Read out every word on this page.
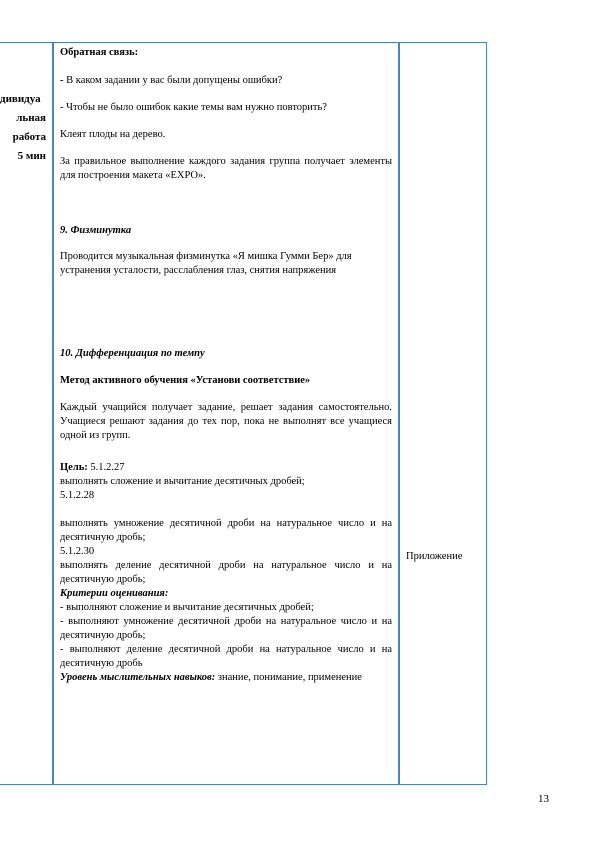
дивидуа
льная
работа
5 мин
Обратная связь:
- В каком задании у вас были допущены ошибки?
- Чтобы не было ошибок какие темы вам нужно повторить?
Клеят плоды на дерево.
За правильное выполнение каждого задания группа получает элементы для построения макета «EXPO».
9. Физминутка
Проводится музыкальная физминутка «Я мишка Гумми Бер» для устранения усталости, расслабления глаз, снятия напряжения
10. Дифференциация по темпу
Метод активного обучения «Установи соответствие»
Каждый учащийся получает задание, решает задания самостоятельно. Учащиеся решают задания до тех пор, пока не выполнят все учащиеся одной из групп.
Цель: 5.1.2.27
выполнять сложение и вычитание десятичных дробей;
5.1.2.28
выполнять умножение десятичной дроби на натуральное число и на десятичную дробь;
5.1.2.30
выполнять деление десятичной дроби на натуральное число и на десятичную дробь;
Критерии оценивания:
- выполняют сложение и вычитание десятичных дробей;
- выполняют умножение десятичной дроби на натуральное число и на десятичную дробь;
- выполняют деление десятичной дроби на натуральное число и на десятичную дробь
Уровень мыслительных навыков: знание, понимание, применение
Приложение
13
